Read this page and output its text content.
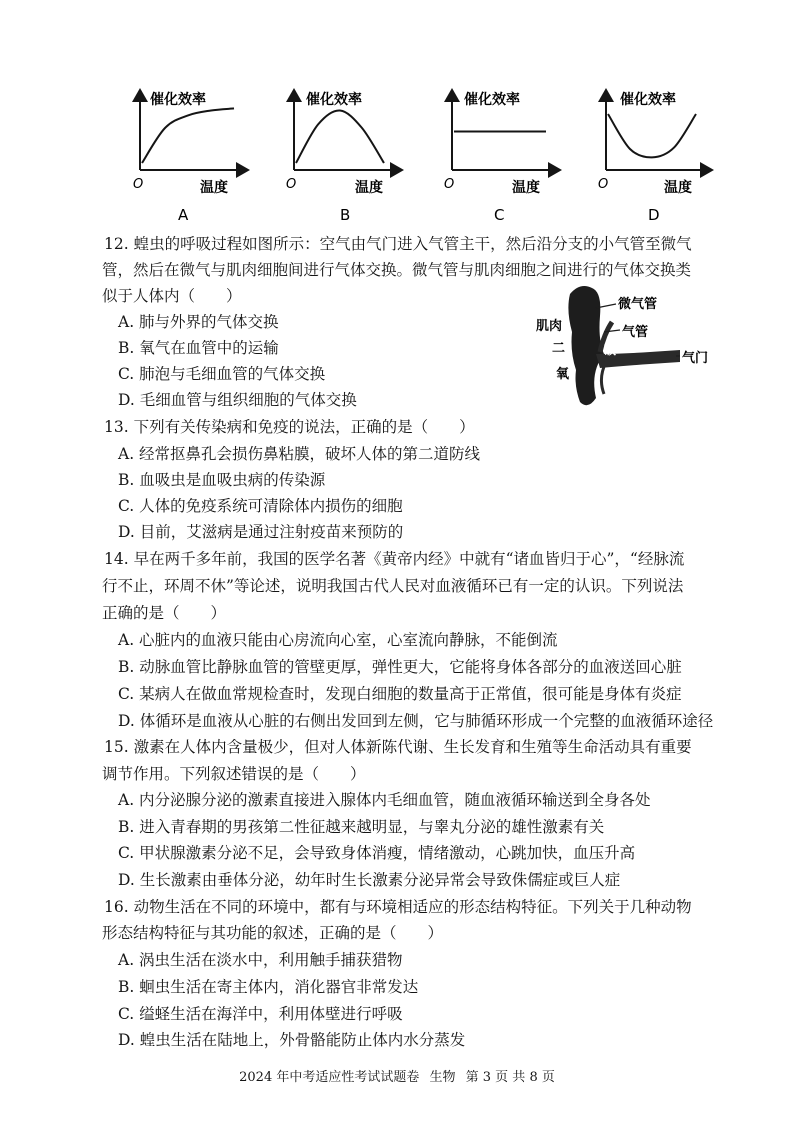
催化效率
温度
O
A
催化效率
温度
O
B
催化效率
温度
O
C
催化效率
温度
O
D
12. 蝗虫的呼吸过程如图所示：空气由气门进入气管主干，然后沿分支的小气管至微气
管，然后在微气与肌肉细胞间进行气体交换。微气管与肌肉细胞之间进行的气体交换类
似于人体内（　　）
A. 肺与外界的气体交换
B. 氧气在血管中的运输
C. 肺泡与毛细血管的气体交换
D. 毛细血管与组织细胞的气体交换
微气管
肌肉	气管
气门
二	碳
氧
13. 下列有关传染病和免疫的说法，正确的是（　　）
A. 经常抠鼻孔会损伤鼻粘膜，破坏人体的第二道防线
B. 血吸虫是血吸虫病的传染源
C. 人体的免疫系统可清除体内损伤的细胞
D. 目前，艾滋病是通过注射疫苗来预防的
14. 早在两千多年前，我国的医学名著《黄帝内经》中就有“诸血皆归于心”，“经脉流
行不止，环周不休”等论述，说明我国古代人民对血液循环已有一定的认识。下列说法
正确的是（　　）
A. 心脏内的血液只能由心房流向心室，心室流向静脉，不能倒流
B. 动脉血管比静脉血管的管壁更厚，弹性更大，它能将身体各部分的血液送回心脏
C. 某病人在做血常规检查时，发现白细胞的数量高于正常值，很可能是身体有炎症
D. 体循环是血液从心脏的右侧出发回到左侧，它与肺循环形成一个完整的血液循环途径
15. 激素在人体内含量极少，但对人体新陈代谢、生长发育和生殖等生命活动具有重要
调节作用。下列叙述错误的是（　　）
A. 内分泌腺分泌的激素直接进入腺体内毛细血管，随血液循环输送到全身各处
B. 进入青春期的男孩第二性征越来越明显，与睾丸分泌的雄性激素有关
C. 甲状腺激素分泌不足，会导致身体消瘦，情绪激动，心跳加快，血压升高
D. 生长激素由垂体分泌，幼年时生长激素分泌异常会导致侏儒症或巨人症
16. 动物生活在不同的环境中，都有与环境相适应的形态结构特征。下列关于几种动物
形态结构特征与其功能的叙述，正确的是（　　）
A. 涡虫生活在淡水中，利用触手捕获猎物
B. 蛔虫生活在寄主体内，消化器官非常发达
C. 缢蛏生活在海洋中，利用体壁进行呼吸
D. 蝗虫生活在陆地上，外骨骼能防止体内水分蒸发
2024 年中考适应性考试试题卷 生物 第 3 页 共 8 页
